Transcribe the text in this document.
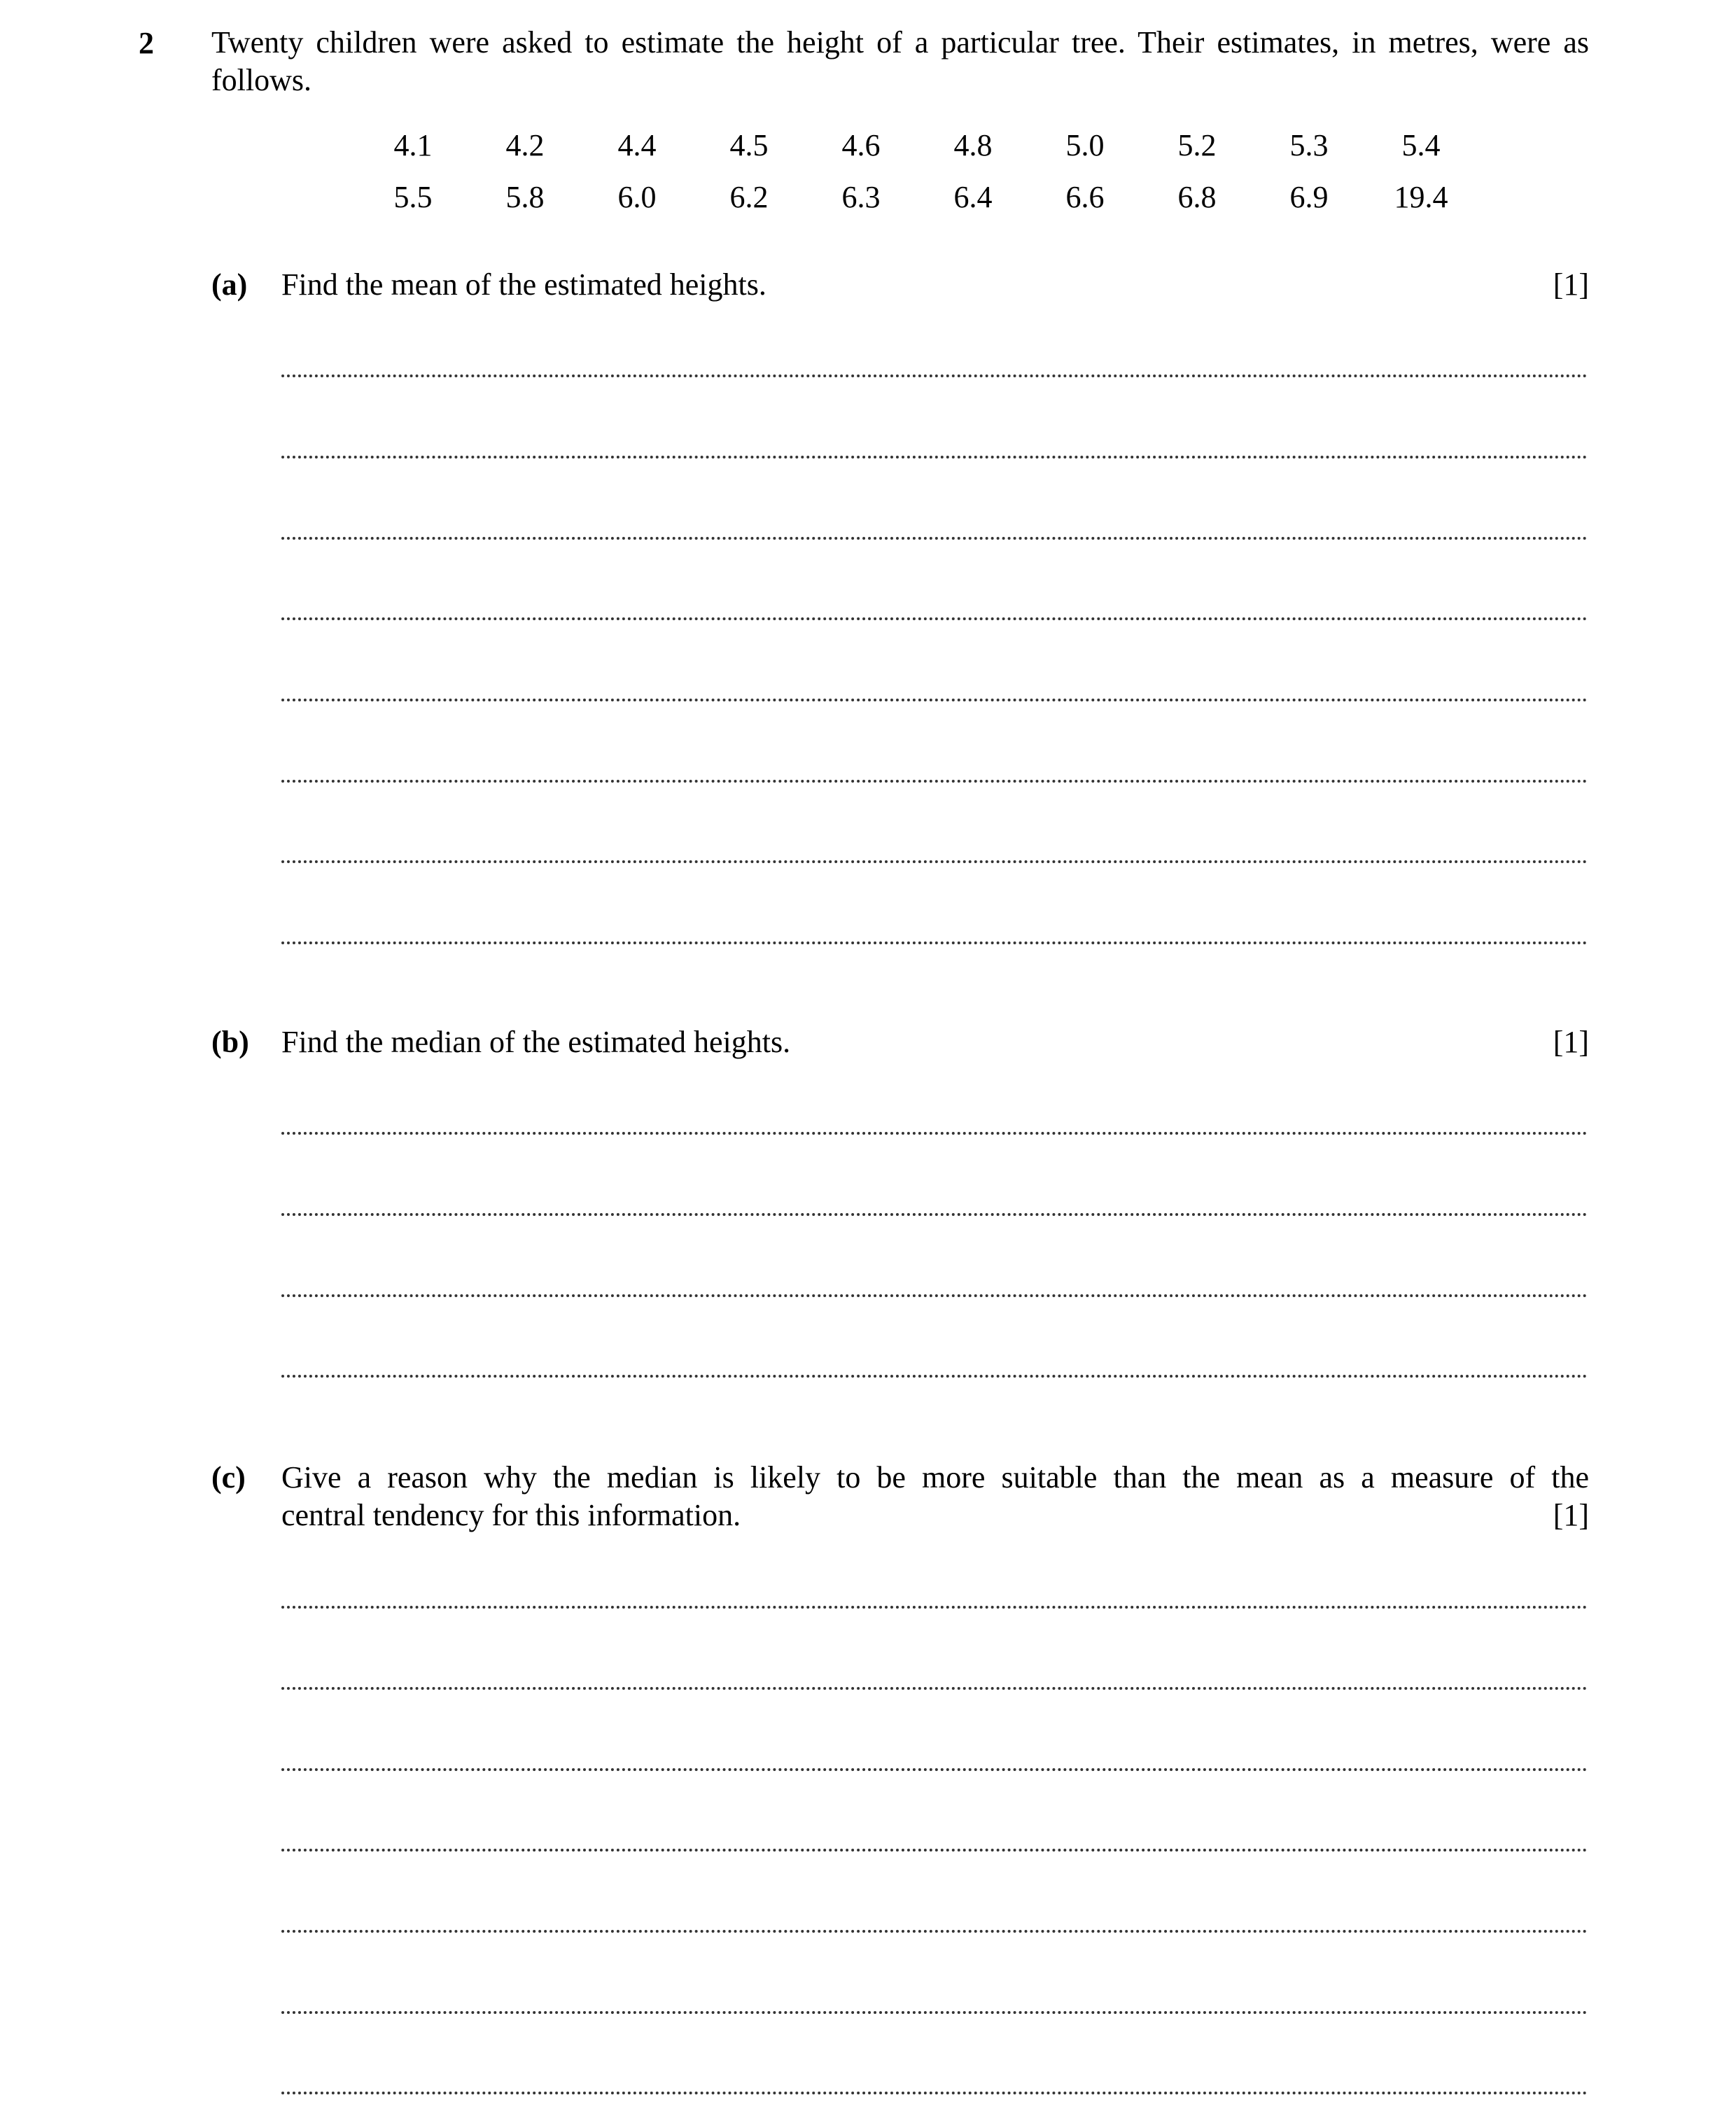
2 Twenty children were asked to estimate the height of a particular tree. Their estimates, in metres, were as follows.
4.1	4.2	4.4	4.5	4.6	4.8	5.0	5.2	5.3	5.4
5.5	5.8	6.0	6.2	6.3	6.4	6.6	6.8	6.9	19.4
(a) Find the mean of the estimated heights.	[1]
(b) Find the median of the estimated heights.	[1]
(c) Give a reason why the median is likely to be more suitable than the mean as a measure of the
central tendency for this information.	[1]
